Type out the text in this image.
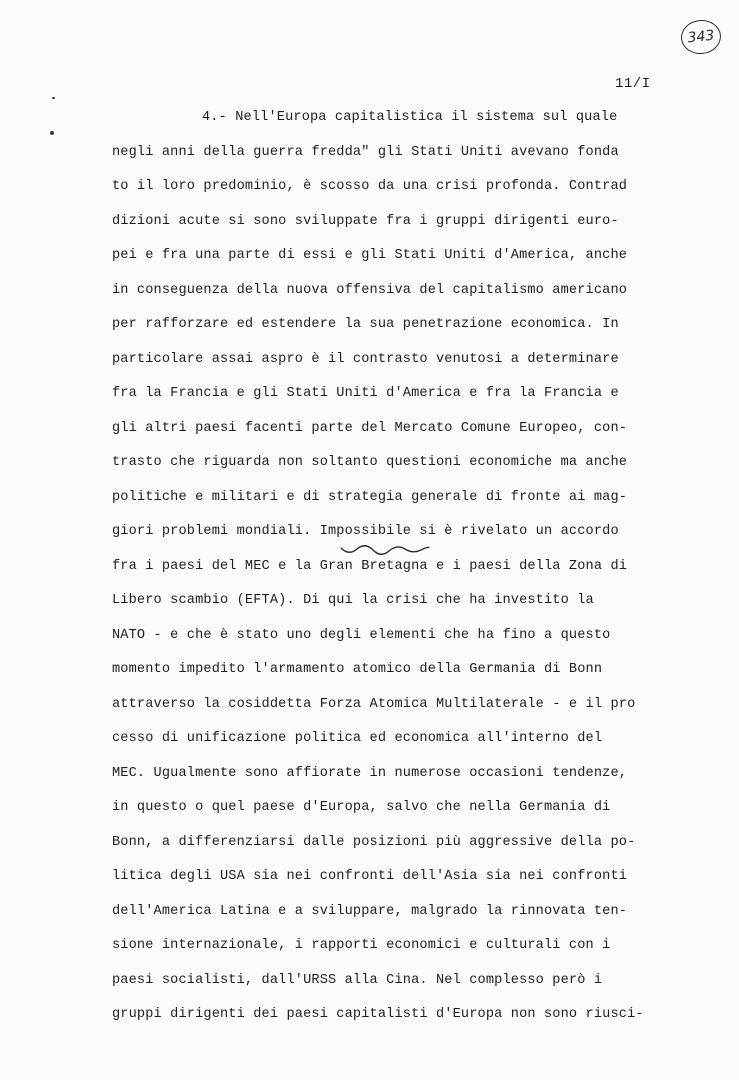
343
11/I
4.- Nell'Europa capitalistica il sistema sul quale
negli anni della guerra fredda" gli Stati Uniti avevano fonda
to il loro predominio, è scosso da una crisi profonda. Contrad
dizioni acute si sono sviluppate fra i gruppi dirigenti euro-
pei e fra una parte di essi e gli Stati Uniti d'America, anche
in conseguenza della nuova offensiva del capitalismo americano
per rafforzare ed estendere la sua penetrazione economica. In
particolare assai aspro è il contrasto venutosi a determinare
fra la Francia e gli Stati Uniti d'America e fra la Francia e
gli altri paesi facenti parte del Mercato Comune Europeo, con-
trasto che riguarda non soltanto questioni economiche ma anche
politiche e militari e di strategia generale di fronte ai mag-
giori problemi mondiali. Impossibile si è rivelato un accordo
fra i paesi del MEC e la Gran Bretagna e i paesi della Zona di
Libero scambio (EFTA). Di qui la crisi che ha investito la
NATO - e che è stato uno degli elementi che ha fino a questo
momento impedito l'armamento atomico della Germania di Bonn
attraverso la cosiddetta Forza Atomica Multilaterale - e il pro
cesso di unificazione politica ed economica all'interno del
MEC. Ugualmente sono affiorate in numerose occasioni tendenze,
in questo o quel paese d'Europa, salvo che nella Germania di
Bonn, a differenziarsi dalle posizioni più aggressive della po-
litica degli USA sia nei confronti dell'Asia sia nei confronti
dell'America Latina e a sviluppare, malgrado la rinnovata ten-
sione internazionale, i rapporti economici e culturali con i
paesi socialisti, dall'URSS alla Cina. Nel complesso però i
gruppi dirigenti dei paesi capitalisti d'Europa non sono riusci-
